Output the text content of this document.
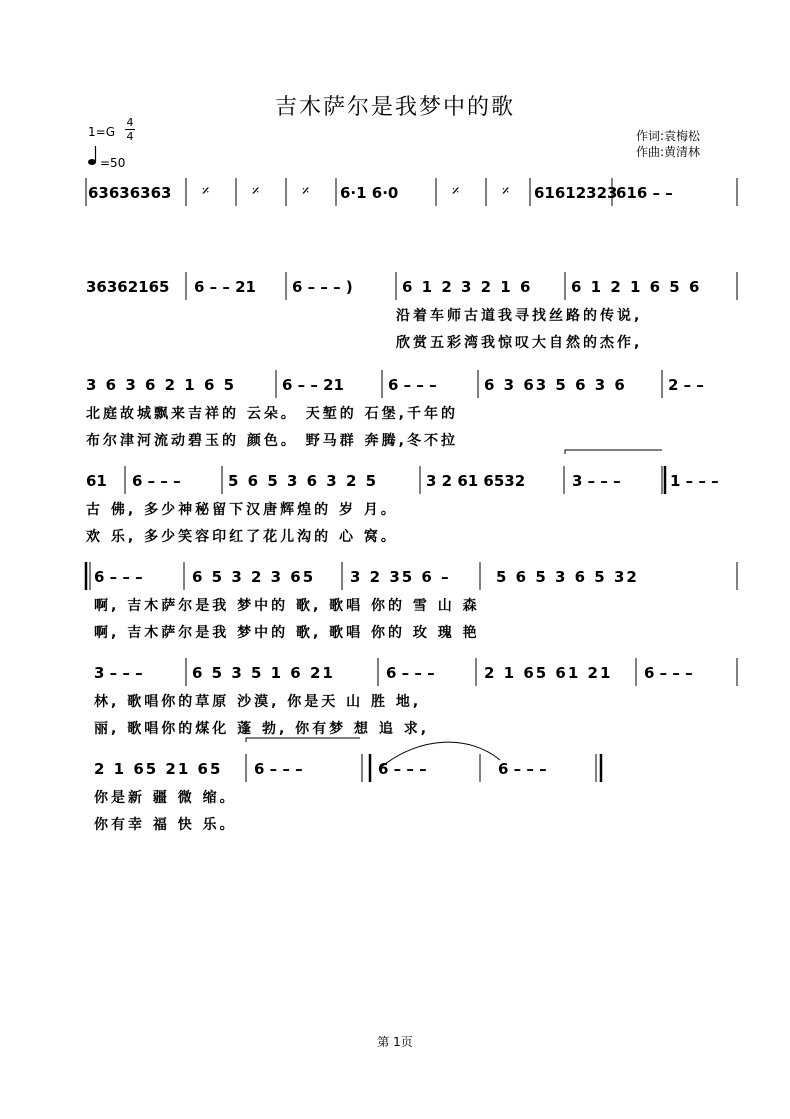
吉木萨尔是我梦中的歌
1=G
4
4
=50
作词:袁梅松
作曲:黄清林
63636363 𝄎	𝄎	𝄎 6·1 6·0	𝄎	𝄎 61612323
616 – –
36362165 6 – – 21 6 – – – )	6 1 2 3 2 1 6	6 1 2 1 6 5 6
沿着车师古道我寻找丝路的传说,
欣赏五彩湾我惊叹大自然的杰作,
3 6 3 6 2 1 6 5	6 – – 21	6 – – –	6 3 63 5 6 3 6	2 – –
北庭故城飘来吉祥的 云朵。 天堑的 石堡,千年的
布尔津河流动碧玉的 颜色。 野马群 奔腾,冬不拉
61 6 – – –	5 6 5 3 6 3 2 5	3 2 61 6532	3 – – –	1 – – –
古 佛, 多少神秘留下汉唐辉煌的 岁 月。
欢 乐, 多少笑容印红了花儿沟的 心 窝。
6 – – –	6 5 3 2 3 65 3 2 35 6 –	5 6 5 3 6 5 32
啊, 吉木萨尔是我 梦中的 歌, 歌唱 你的 雪 山 森
啊, 吉木萨尔是我 梦中的 歌, 歌唱 你的 玫 瑰 艳
3 – – –	6 5 3 5 1 6 21	6 – – –	2 1 65 61 21 6 – – –
林, 歌唱你的草原 沙漠, 你是天 山 胜 地,
丽, 歌唱你的煤化 蓬 勃, 你有梦 想 追 求,
2 1 65 21 65 6 – – –	6 – – –	6 – – –
你是新 疆 微 缩。
你有幸 福 快 乐。
第 1页
